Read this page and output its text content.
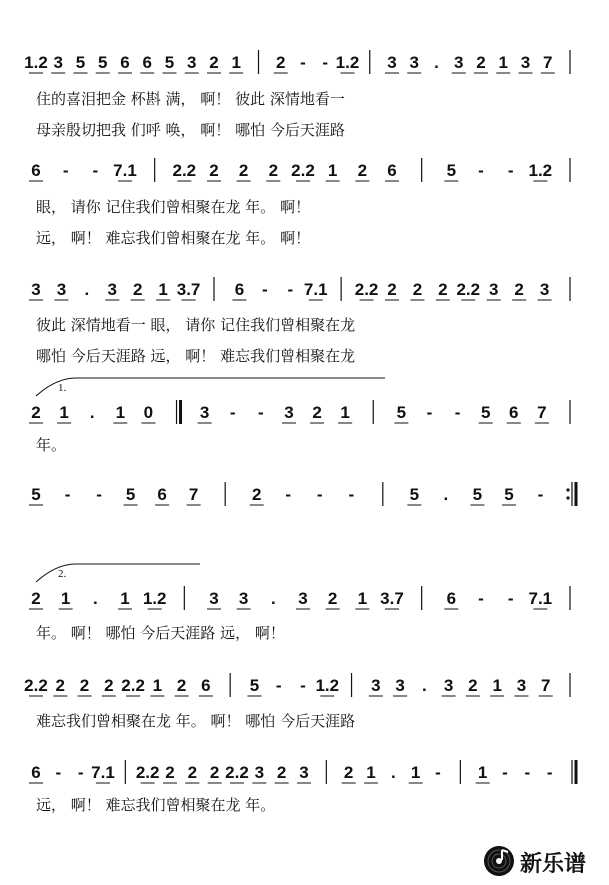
1.2 3 5 5 6 6 5 3 2 1 2 - - 1.2 3 3 . 3 2 1 3 7
住的喜泪把金 杯斟 满， 啊！ 彼此 深情地看一
母亲殷切把我 们呼 唤， 啊！ 哪怕 今后天涯路
6 - - 7.1 2.2 2 2 2 2.2 1 2 6	5 - - 1.2
眼， 请你 记住我们曾相聚在龙 年。 啊！
远， 啊！ 难忘我们曾相聚在龙 年。 啊！
3 3 . 3 2 1 3.7 6 - - 7.1 2.2 2 2 2 2.2 3 2 3
彼此 深情地看一 眼， 请你 记住我们曾相聚在龙
哪怕 今后天涯路 远， 啊！ 难忘我们曾相聚在龙
1.
2 1 . 1 0	3 - - 3 2 1	5 - - 5 6 7
年。
5 - - 5 6 7	2 - - -	5 . 5 5 -
2.
2 1 . 1 1.2	3 3 . 3 2 1 3.7	6 - - 7.1
年。 啊！ 哪怕 今后天涯路 远， 啊！
2.2 2 2 2 2.2 1 2 6 5 - - 1.2 3 3 . 3 2 1 3 7
难忘我们曾相聚在龙 年。 啊！ 哪怕 今后天涯路
6 - - 7.1 2.2 2 2 2 2.2 3 2 3 2 1 . 1 - 1 - - -
远， 啊！ 难忘我们曾相聚在龙 年。
新乐谱
